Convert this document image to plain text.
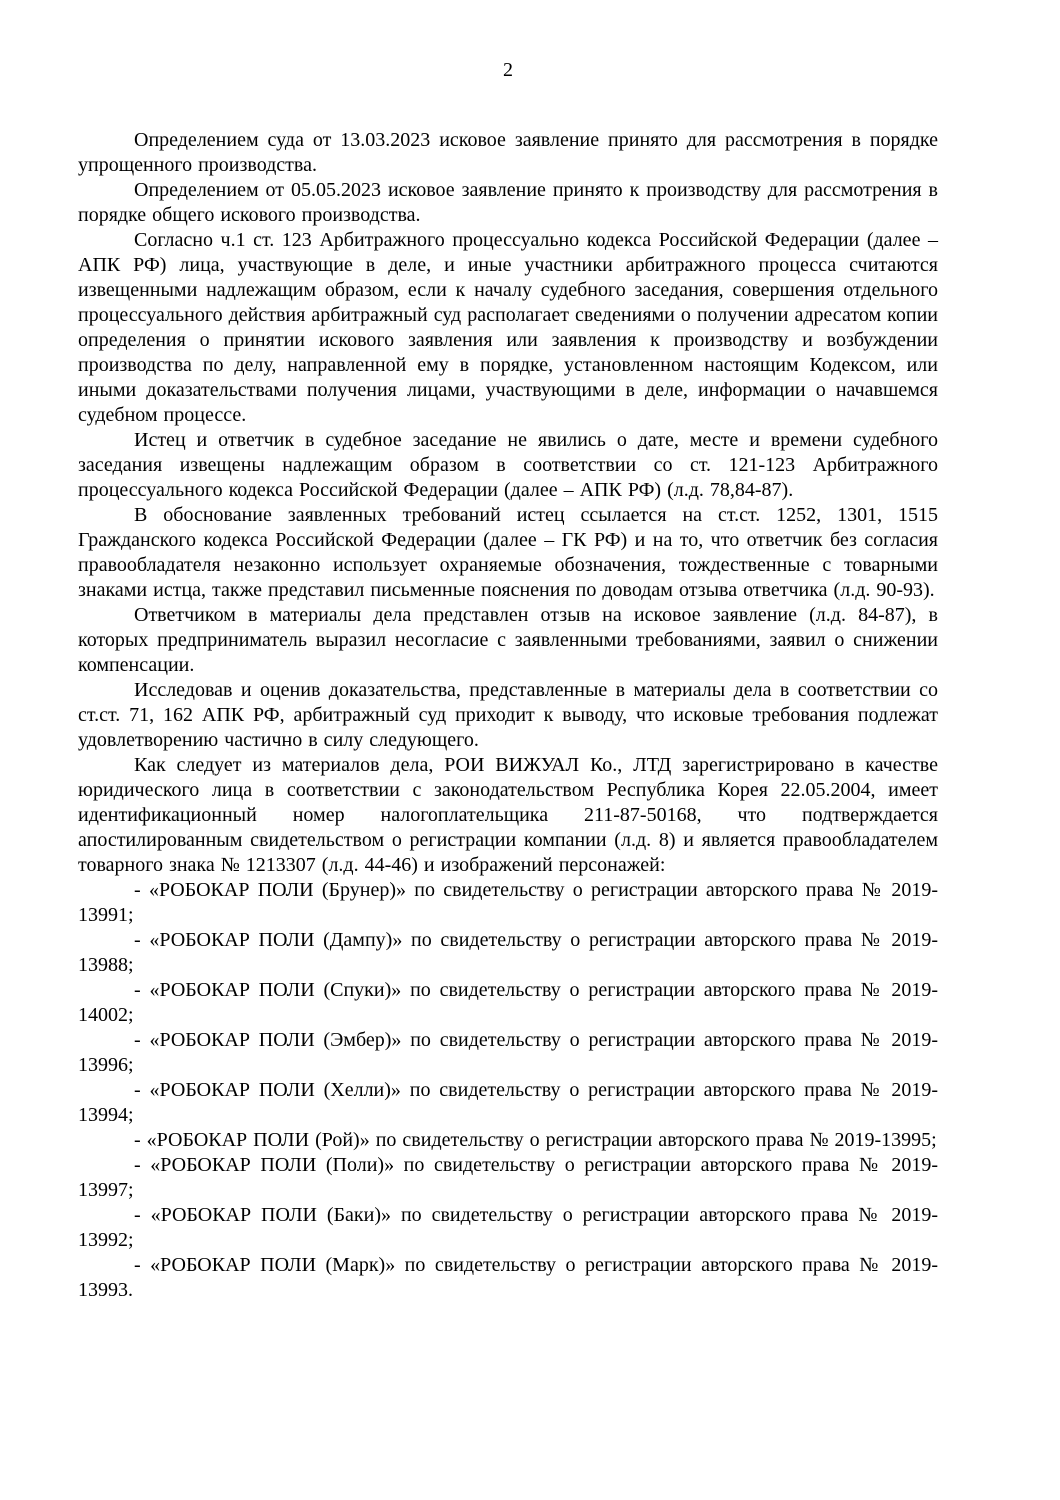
2

Определением суда от 13.03.2023 исковое заявление принято для рассмотрения в порядке упрощенного производства.

Определением от 05.05.2023 исковое заявление принято к производству для рассмотрения в порядке общего искового производства.

Согласно ч.1 ст. 123 Арбитражного процессуально кодекса Российской Федерации (далее – АПК РФ) лица, участвующие в деле, и иные участники арбитражного процесса считаются извещенными надлежащим образом, если к началу судебного заседания, совершения отдельного процессуального действия арбитражный суд располагает сведениями о получении адресатом копии определения о принятии искового заявления или заявления к производству и возбуждении производства по делу, направленной ему в порядке, установленном настоящим Кодексом, или иными доказательствами получения лицами, участвующими в деле, информации о начавшемся судебном процессе.

Истец и ответчик в судебное заседание не явились о дате, месте и времени судебного заседания извещены надлежащим образом в соответствии со ст. 121-123 Арбитражного процессуального кодекса Российской Федерации (далее – АПК РФ) (л.д. 78,84-87).

В обоснование заявленных требований истец ссылается на ст.ст. 1252, 1301, 1515 Гражданского кодекса Российской Федерации (далее – ГК РФ) и на то, что ответчик без согласия правообладателя незаконно использует охраняемые обозначения, тождественные с товарными знаками истца, также представил письменные пояснения по доводам отзыва ответчика (л.д. 90-93).

Ответчиком в материалы дела представлен отзыв на исковое заявление (л.д. 84-87), в которых предприниматель выразил несогласие с заявленными требованиями, заявил о снижении компенсации.

Исследовав и оценив доказательства, представленные в материалы дела в соответствии со ст.ст. 71, 162 АПК РФ, арбитражный суд приходит к выводу, что исковые требования подлежат удовлетворению частично в силу следующего.

Как следует из материалов дела, РОИ ВИЖУАЛ Ко., ЛТД зарегистрировано в качестве юридического лица в соответствии с законодательством Республика Корея 22.05.2004, имеет идентификационный номер налогоплательщика 211-87-50168, что подтверждается апостилированным свидетельством о регистрации компании (л.д. 8) и является правообладателем товарного знака № 1213307 (л.д. 44-46) и изображений персонажей:

- «РОБОКАР ПОЛИ (Брунер)» по свидетельству о регистрации авторского права № 2019-13991;

- «РОБОКАР ПОЛИ (Дампу)» по свидетельству о регистрации авторского права № 2019-13988;

- «РОБОКАР ПОЛИ (Спуки)» по свидетельству о регистрации авторского права № 2019-14002;

- «РОБОКАР ПОЛИ (Эмбер)» по свидетельству о регистрации авторского права № 2019-13996;

- «РОБОКАР ПОЛИ (Хелли)» по свидетельству о регистрации авторского права № 2019-13994;

- «РОБОКАР ПОЛИ (Рой)» по свидетельству о регистрации авторского права № 2019-13995;

- «РОБОКАР ПОЛИ (Поли)» по свидетельству о регистрации авторского права № 2019-13997;

- «РОБОКАР ПОЛИ (Баки)» по свидетельству о регистрации авторского права № 2019-13992;

- «РОБОКАР ПОЛИ (Марк)» по свидетельству о регистрации авторского права № 2019-13993.
